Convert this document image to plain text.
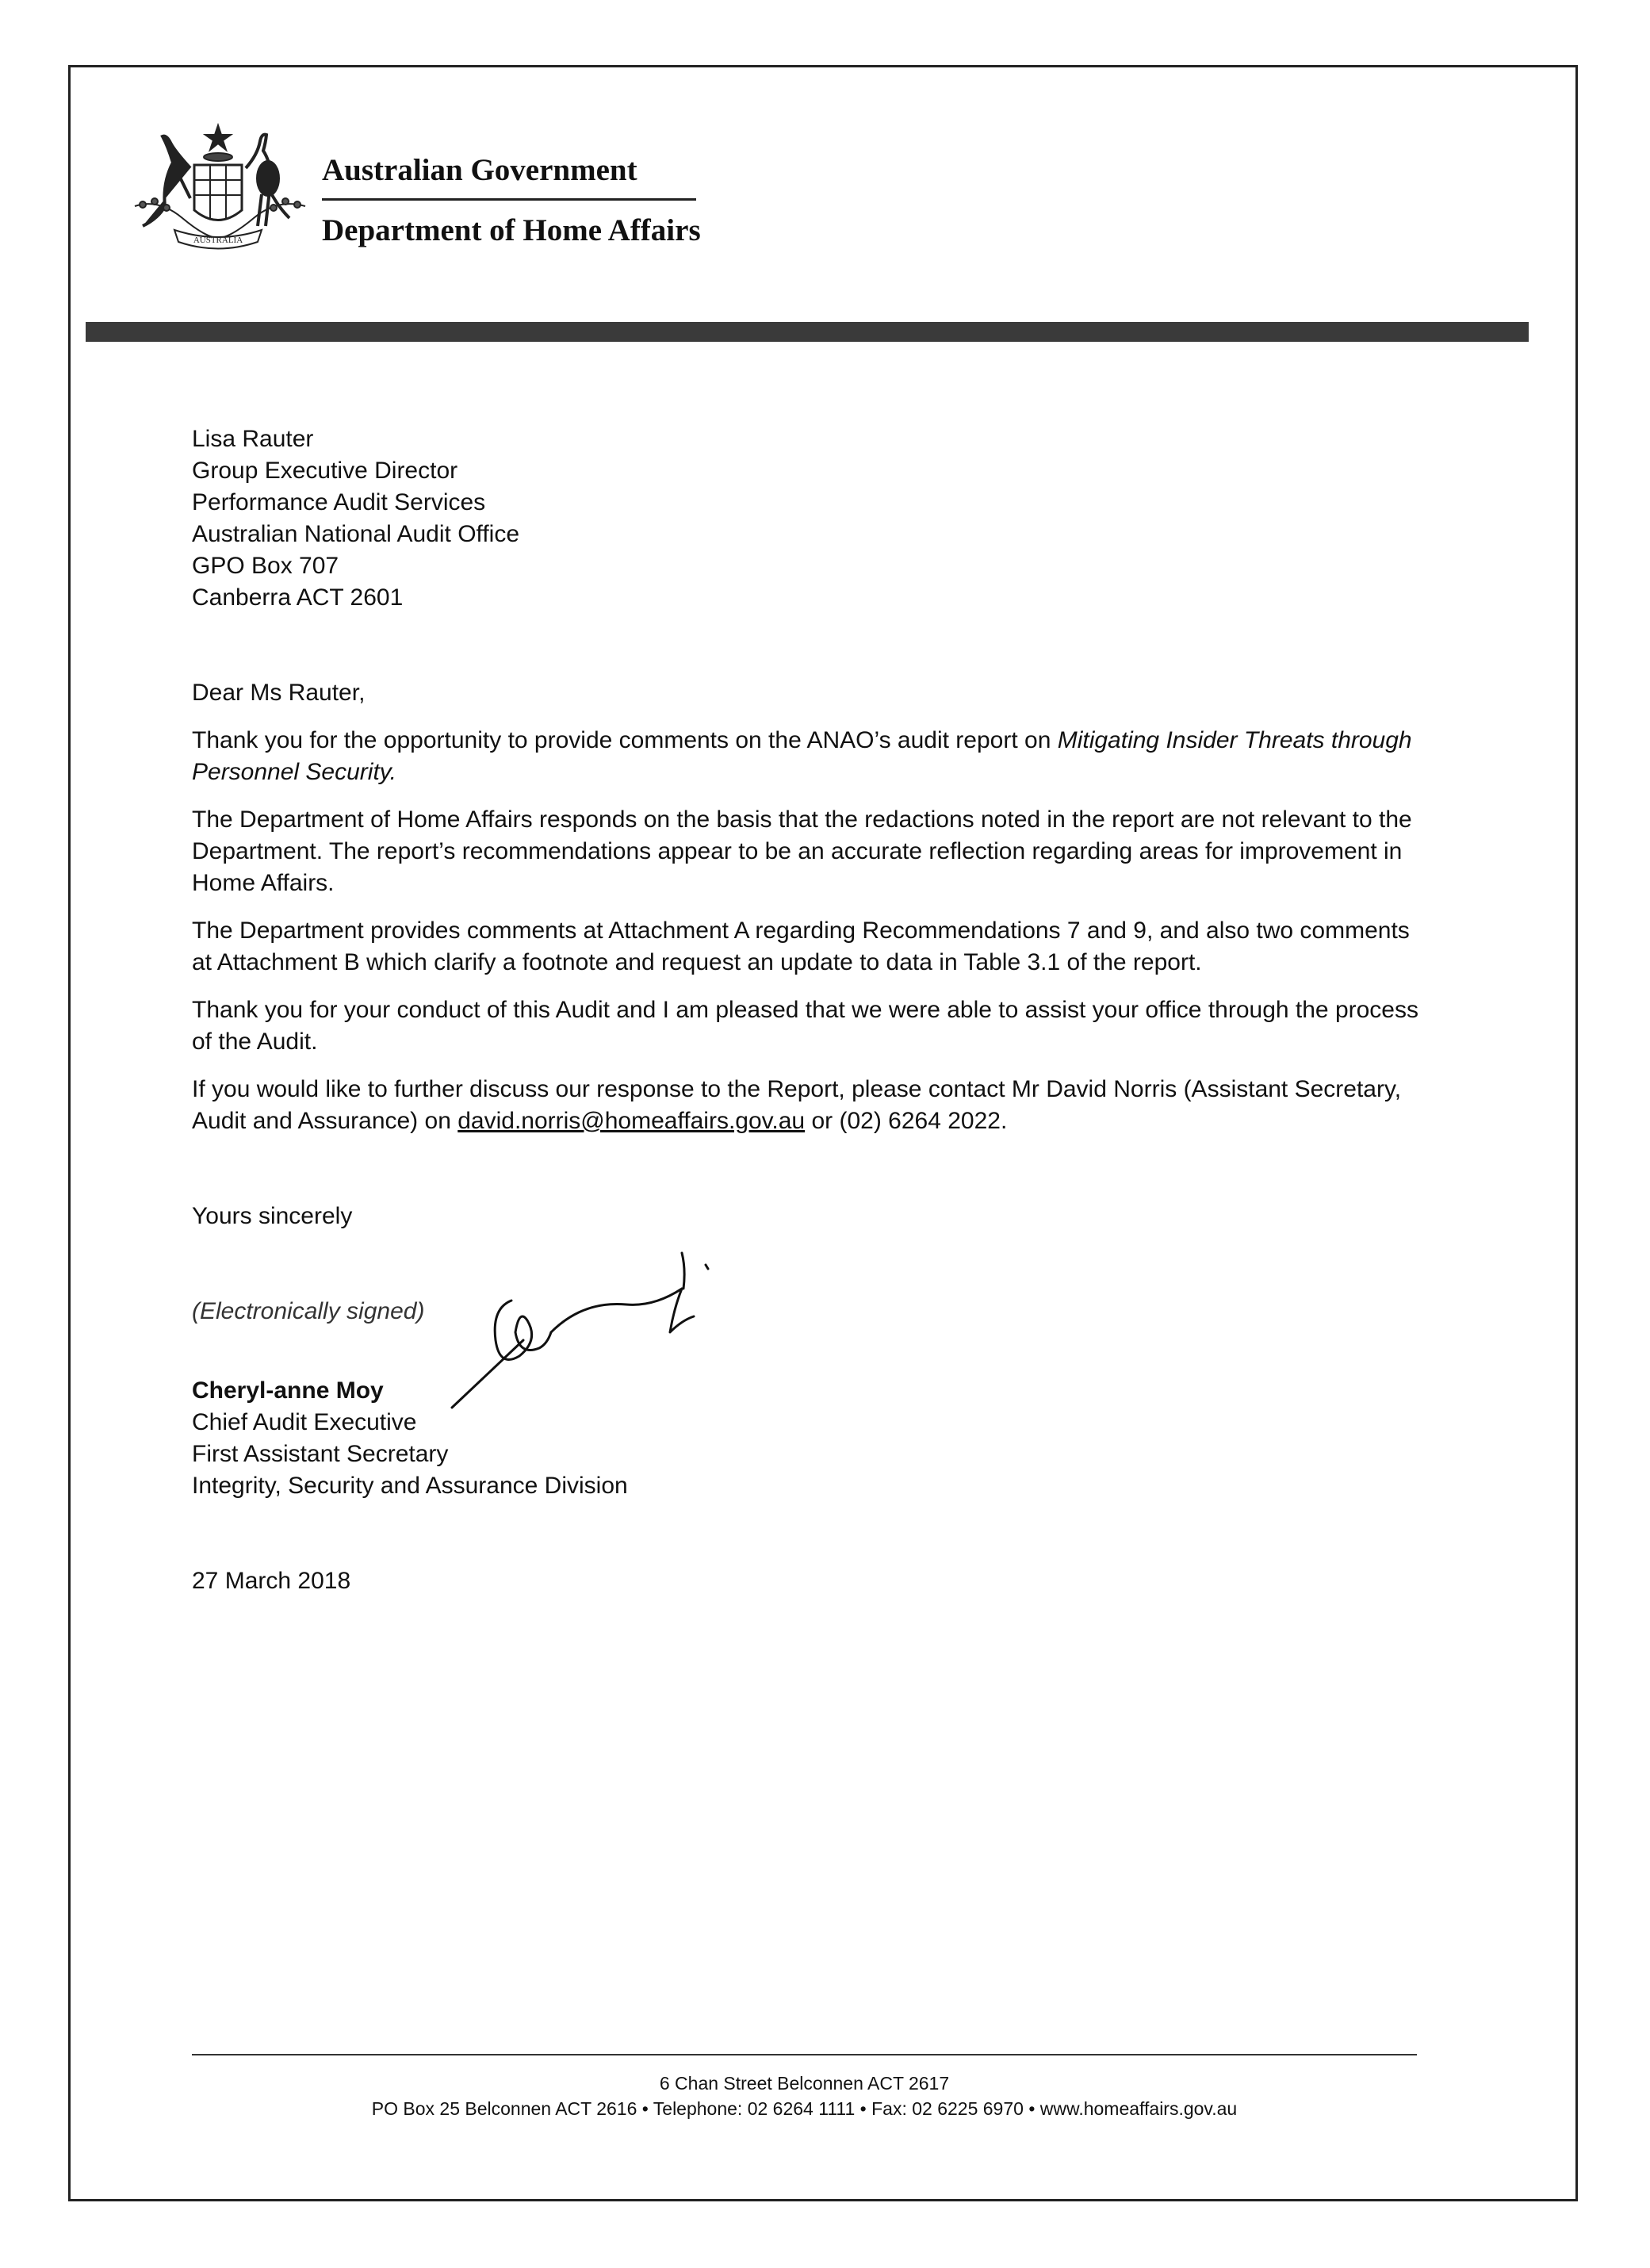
AUSTRALIA
Australian Government
Department of Home Affairs
Lisa Rauter
Group Executive Director
Performance Audit Services
Australian National Audit Office
GPO Box 707
Canberra ACT 2601
Dear Ms Rauter,
Thank you for the opportunity to provide comments on the ANAO’s audit report on Mitigating Insider Threats through Personnel Security.
The Department of Home Affairs responds on the basis that the redactions noted in the report are not relevant to the Department. The report’s recommendations appear to be an accurate reflection regarding areas for improvement in Home Affairs.
The Department provides comments at Attachment A regarding Recommendations 7 and 9, and also two comments at Attachment B which clarify a footnote and request an update to data in Table 3.1 of the report.
Thank you for your conduct of this Audit and I am pleased that we were able to assist your office through the process of the Audit.
If you would like to further discuss our response to the Report, please contact Mr David Norris (Assistant Secretary, Audit and Assurance) on david.norris@homeaffairs.gov.au or (02) 6264 2022.
Yours sincerely
(Electronically signed)
Cheryl-anne Moy
Chief Audit Executive
First Assistant Secretary
Integrity, Security and Assurance Division
27 March 2018
6 Chan Street Belconnen ACT 2617
PO Box 25 Belconnen ACT 2616 • Telephone: 02 6264 1111 • Fax: 02 6225 6970 • www.homeaffairs.gov.au
